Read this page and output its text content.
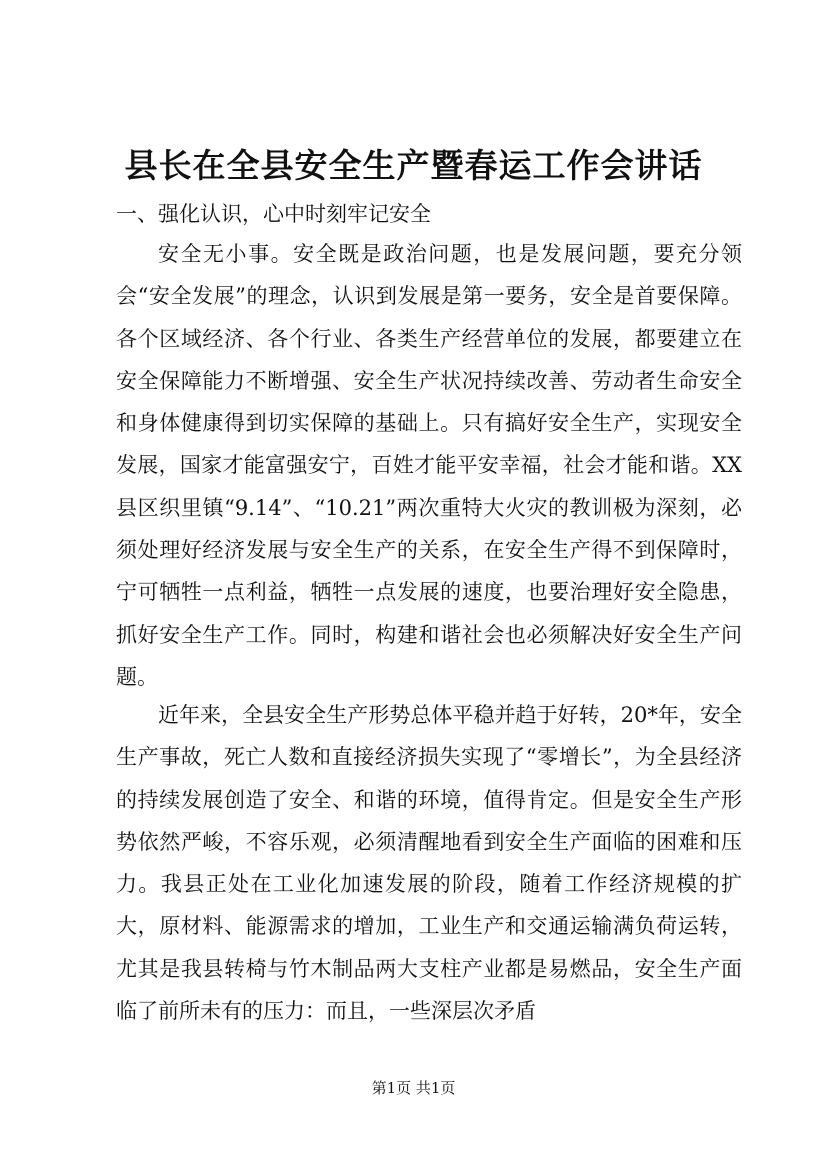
县长在全县安全生产暨春运工作会讲话
一、强化认识，心中时刻牢记安全
安全无小事。安全既是政治问题，也是发展问题，要充分领会“安全发展”的理念，认识到发展是第一要务，安全是首要保障。各个区域经济、各个行业、各类生产经营单位的发展，都要建立在安全保障能力不断增强、安全生产状况持续改善、劳动者生命安全和身体健康得到切实保障的基础上。只有搞好安全生产，实现安全发展，国家才能富强安宁，百姓才能平安幸福，社会才能和谐。XX县区织里镇“9.14”、“10.21”两次重特大火灾的教训极为深刻，必须处理好经济发展与安全生产的关系，在安全生产得不到保障时，宁可牺牲一点利益，牺牲一点发展的速度，也要治理好安全隐患，抓好安全生产工作。同时，构建和谐社会也必须解决好安全生产问题。
近年来，全县安全生产形势总体平稳并趋于好转，20*年，安全生产事故，死亡人数和直接经济损失实现了“零增长”，为全县经济的持续发展创造了安全、和谐的环境，值得肯定。但是安全生产形势依然严峻，不容乐观，必须清醒地看到安全生产面临的困难和压力。我县正处在工业化加速发展的阶段，随着工作经济规模的扩大，原材料、能源需求的增加，工业生产和交通运输满负荷运转，尤其是我县转椅与竹木制品两大支柱产业都是易燃品，安全生产面临了前所未有的压力：而且，一些深层次矛盾
第1页 共1页
